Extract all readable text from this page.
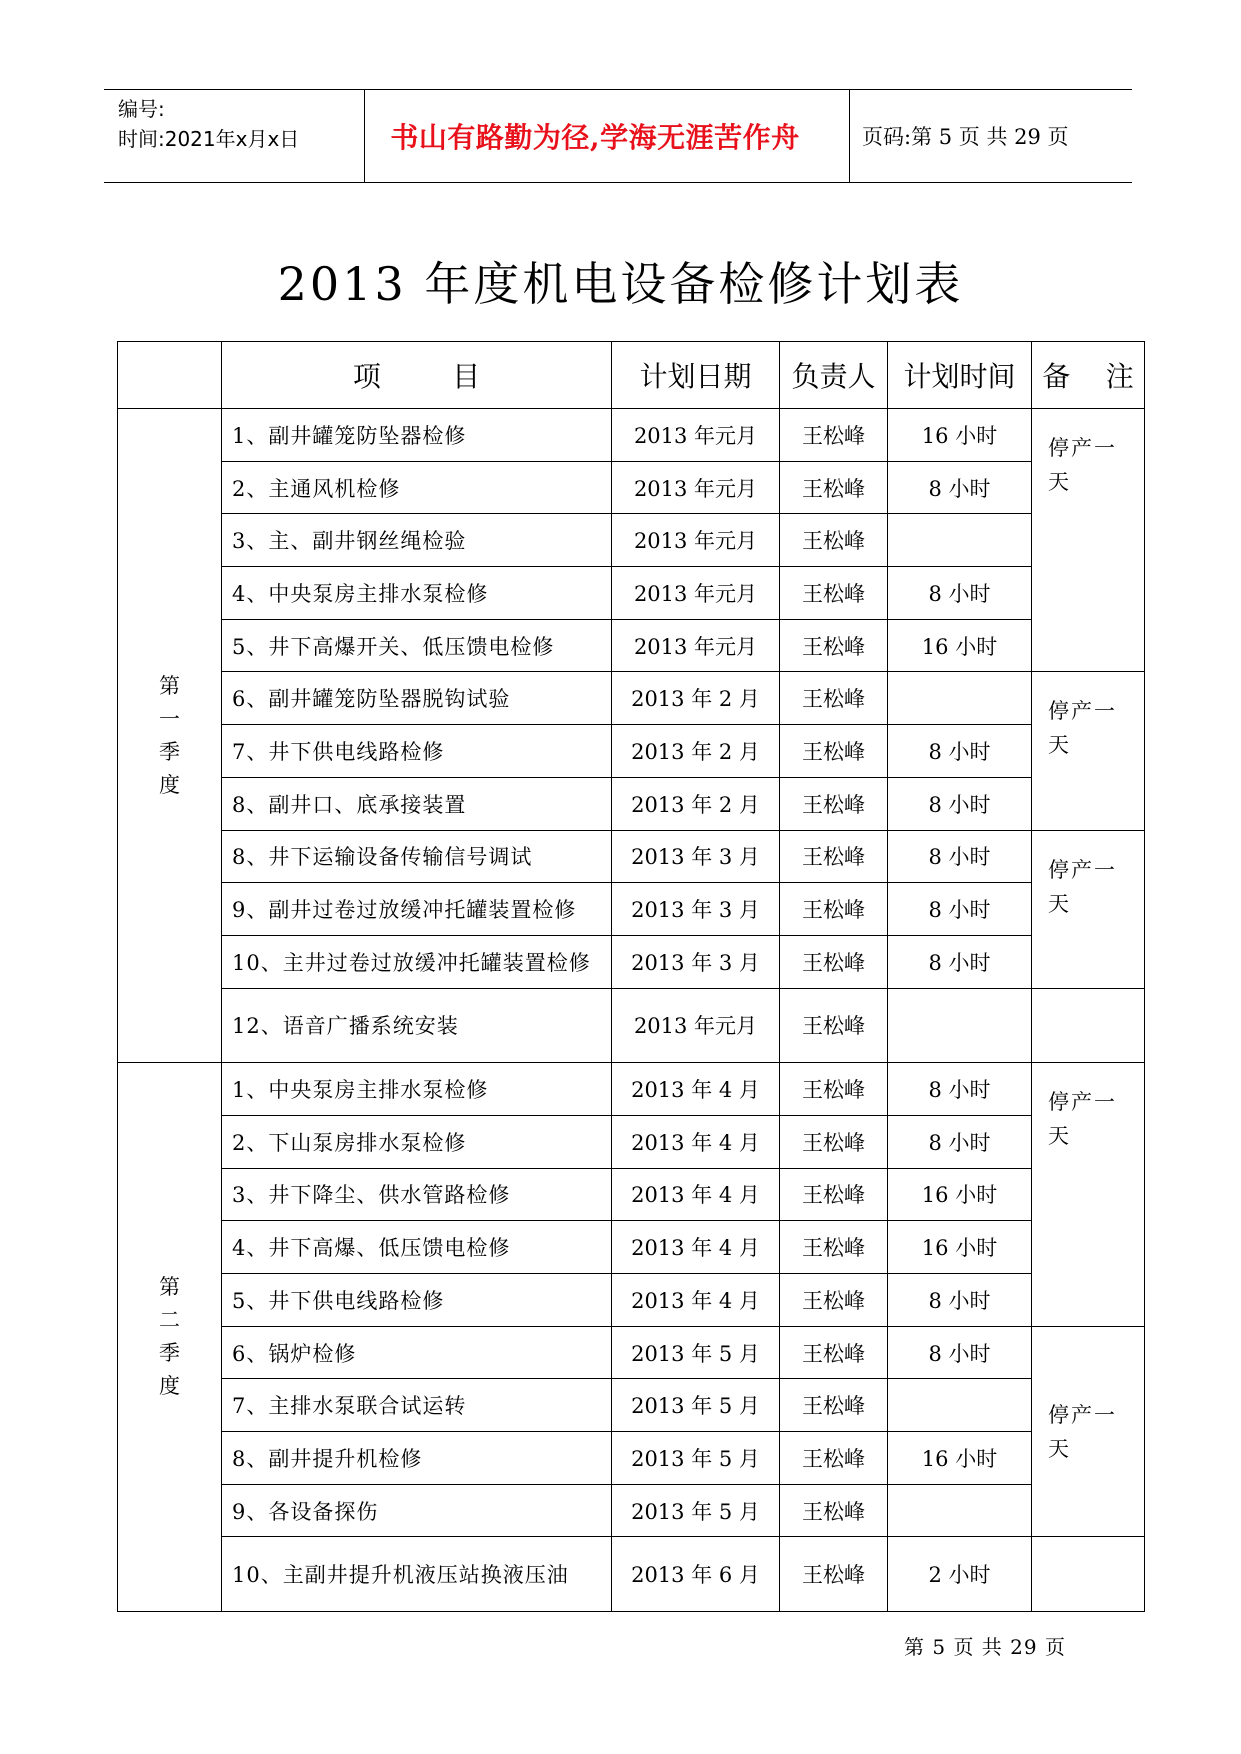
编号:
时间:2021年x月x日	书山有路勤为径,学海无涯苦作舟	页码:第 5 页 共 29 页
2013 年度机电设备检修计划表
	项        目	计划日期	负责人	计划时间	备    注
第
一
季
度	1、副井罐笼防坠器检修	2013 年元月	王松峰	16 小时	停产一天
	2、主通风机检修	2013 年元月	王松峰	8 小时	
	3、主、副井钢丝绳检验	2013 年元月	王松峰		
	4、中央泵房主排水泵检修	2013 年元月	王松峰	8 小时	
	5、井下高爆开关、低压馈电检修	2013 年元月	王松峰	16 小时	
	6、副井罐笼防坠器脱钩试验	2013 年 2 月	王松峰		停产一天
	7、井下供电线路检修	2013 年 2 月	王松峰	8 小时	
	8、副井口、底承接装置	2013 年 2 月	王松峰	8 小时	
	8、井下运输设备传输信号调试	2013 年 3 月	王松峰	8 小时	停产一天
	9、副井过卷过放缓冲托罐装置检修	2013 年 3 月	王松峰	8 小时	
	10、主井过卷过放缓冲托罐装置检修	2013 年 3 月	王松峰	8 小时	
	12、语音广播系统安装	2013 年元月	王松峰		
第
二
季
度	1、中央泵房主排水泵检修	2013 年 4 月	王松峰	8 小时	停产一天
	2、下山泵房排水泵检修	2013 年 4 月	王松峰	8 小时	
	3、井下降尘、供水管路检修	2013 年 4 月	王松峰	16 小时	
	4、井下高爆、低压馈电检修	2013 年 4 月	王松峰	16 小时	
	5、井下供电线路检修	2013 年 4 月	王松峰	8 小时	
	6、锅炉检修	2013 年 5 月	王松峰	8 小时	停产一天
	7、主排水泵联合试运转	2013 年 5 月	王松峰		
	8、副井提升机检修	2013 年 5 月	王松峰	16 小时	
	9、各设备探伤	2013 年 5 月	王松峰		
	10、主副井提升机液压站换液压油	2013 年 6 月	王松峰	2 小时	
第 5 页 共 29 页
